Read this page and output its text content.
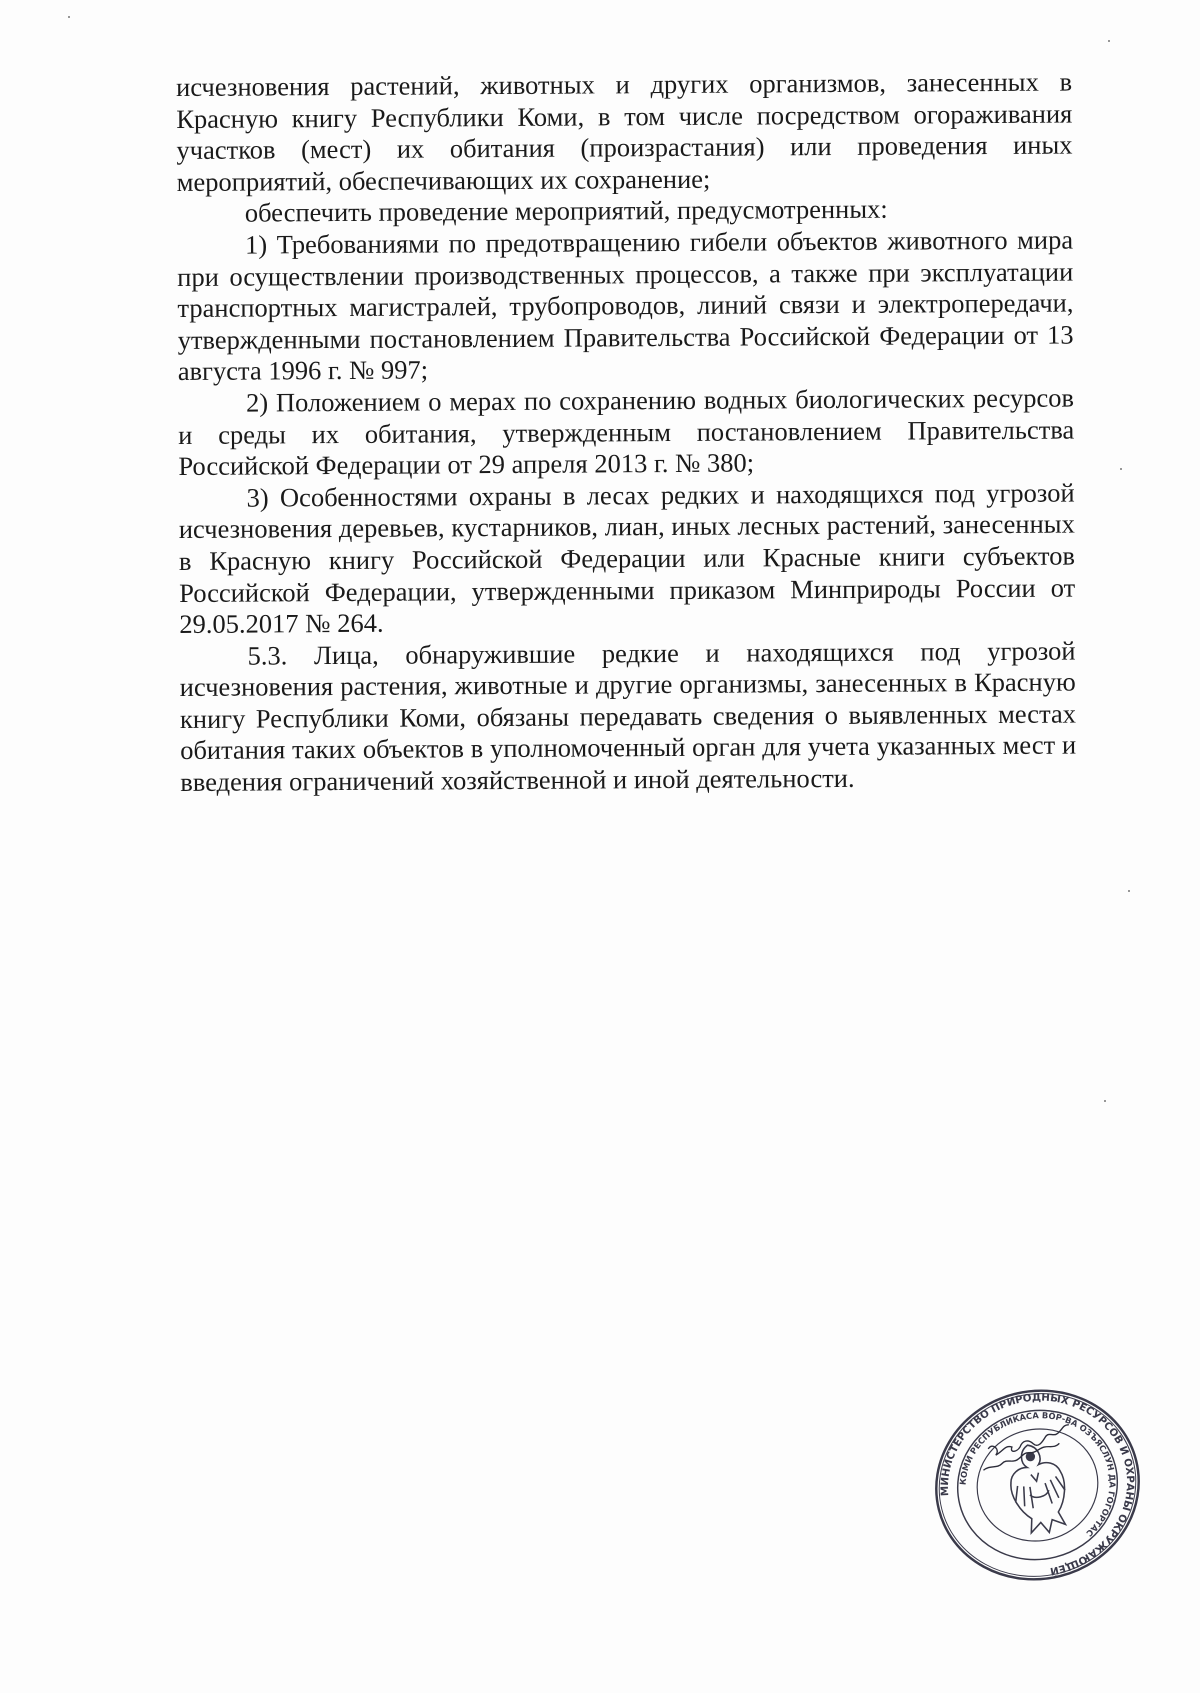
исчезновения растений, животных и других организмов, занесенных в Красную книгу Республики Коми, в том числе посредством огораживания участков (мест) их обитания (произрастания) или проведения иных мероприятий, обеспечивающих их сохранение;

обеспечить проведение мероприятий, предусмотренных:

1) Требованиями по предотвращению гибели объектов животного мира при осуществлении производственных процессов, а также при эксплуатации транспортных магистралей, трубопроводов, линий связи и электропередачи, утвержденными постановлением Правительства Российской Федерации от 13 августа 1996 г. № 997;

2) Положением о мерах по сохранению водных биологических ресурсов и среды их обитания, утвержденным постановлением Правительства Российской Федерации от 29 апреля 2013 г. № 380;

3) Особенностями охраны в лесах редких и находящихся под угрозой исчезновения деревьев, кустарников, лиан, иных лесных растений, занесенных в Красную книгу Российской Федерации или Красные книги субъектов Российской Федерации, утвержденными приказом Минприроды России от 29.05.2017 № 264.

5.3. Лица, обнаружившие редкие и находящихся под угрозой исчезновения растения, животные и другие организмы, занесенных в Красную книгу Республики Коми, обязаны передавать сведения о выявленных местах обитания таких объектов в уполномоченный орган для учета указанных мест и введения ограничений хозяйственной и иной деятельности.

МИНИСТЕРСТВО ПРИРОДНЫХ РЕСУРСОВ И ОХРАНЫ ОКРУЖАЮЩЕЙ
КОМИ РЕСПУБЛИКАСА ВӦР-ВА ОЗЪЯСЛУН ДА ГӦГӦРТАС
